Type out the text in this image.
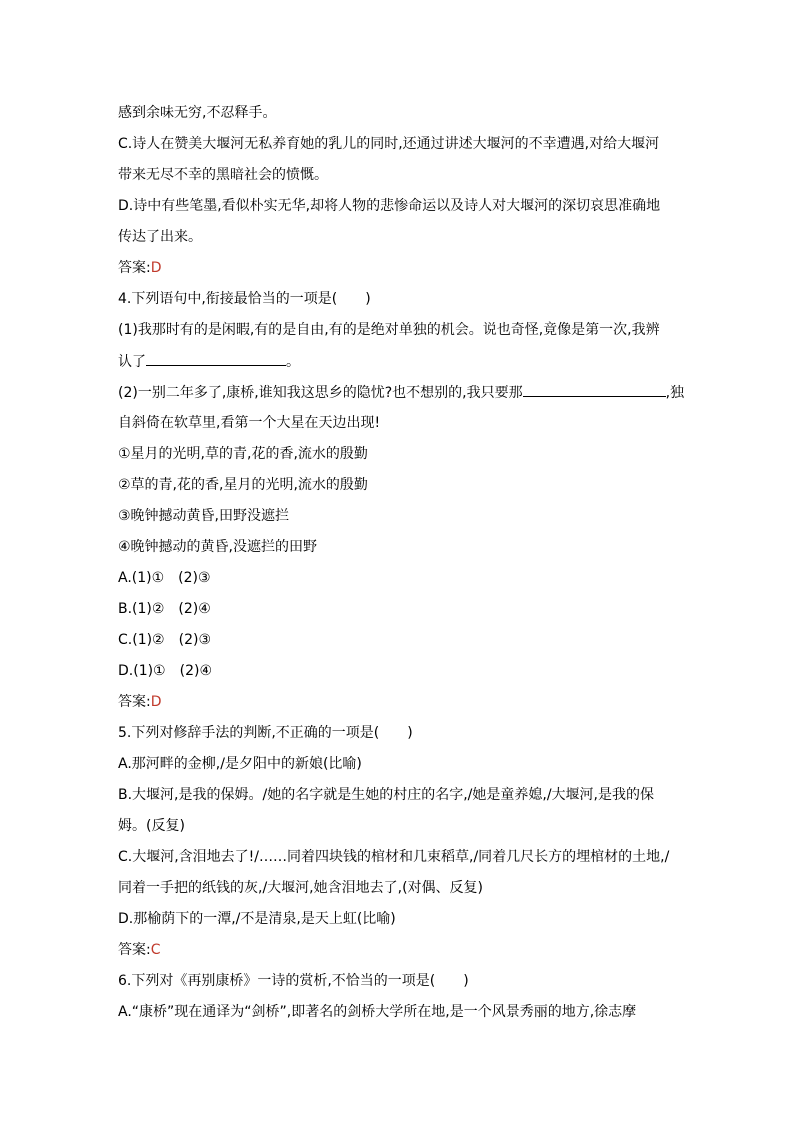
感到余味无穷,不忍释手。
C.诗人在赞美大堰河无私养育她的乳儿的同时,还通过讲述大堰河的不幸遭遇,对给大堰河
带来无尽不幸的黑暗社会的愤慨。
D.诗中有些笔墨,看似朴实无华,却将人物的悲惨命运以及诗人对大堰河的深切哀思准确地
传达了出来。
答案:D
4.下列语句中,衔接最恰当的一项是(　　)
(1)我那时有的是闲暇,有的是自由,有的是绝对单独的机会。说也奇怪,竟像是第一次,我辨
认了	。
(2)一别二年多了,康桥,谁知我这思乡的隐忧?也不想别的,我只要那	,独
自斜倚在软草里,看第一个大星在天边出现!
①星月的光明,草的青,花的香,流水的殷勤
②草的青,花的香,星月的光明,流水的殷勤
③晚钟撼动黄昏,田野没遮拦
④晚钟撼动的黄昏,没遮拦的田野
A.(1)①　(2)③
B.(1)②　(2)④
C.(1)②　(2)③
D.(1)①　(2)④
答案:D
5.下列对修辞手法的判断,不正确的一项是(　　)
A.那河畔的金柳,/是夕阳中的新娘(比喻)
B.大堰河,是我的保姆。/她的名字就是生她的村庄的名字,/她是童养媳,/大堰河,是我的保
姆。(反复)
C.大堰河,含泪地去了!/……同着四块钱的棺材和几束稻草,/同着几尺长方的埋棺材的土地,/
同着一手把的纸钱的灰,/大堰河,她含泪地去了,(对偶、反复)
D.那榆荫下的一潭,/不是清泉,是天上虹(比喻)
答案:C
6.下列对《再别康桥》一诗的赏析,不恰当的一项是(　　)
A.“康桥”现在通译为“剑桥”,即著名的剑桥大学所在地,是一个风景秀丽的地方,徐志摩
